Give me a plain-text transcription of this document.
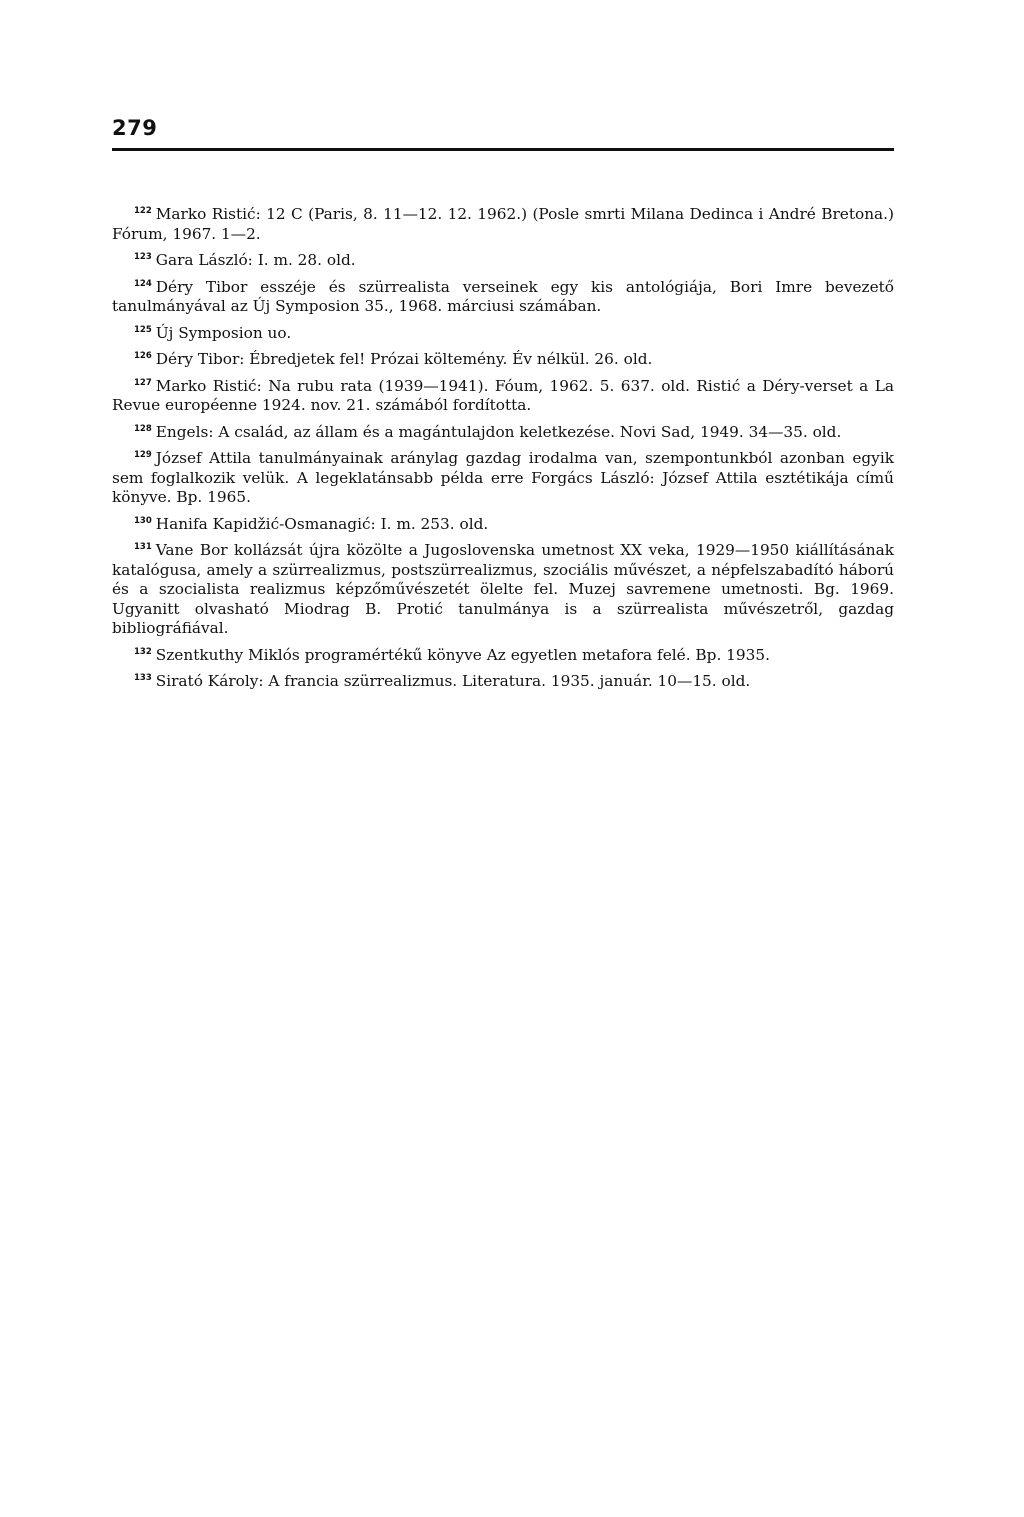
279

$^{122}$ Marko Ristić: 12 C (Paris, 8. 11—12. 12. 1962.) (Posle smrti Milana Dedinca i André Bretona.) Fórum, 1967. 1—2.

$^{123}$ Gara László: I. m. 28. old.

$^{124}$ Déry Tibor esszéje és szürrealista verseinek egy kis antológiája, Bori Imre bevezető tanulmányával az Új Symposion 35., 1968. márciusi számában.

$^{125}$ Új Symposion uo.

$^{126}$ Déry Tibor: Ébredjetek fel! Prózai költemény. Év nélkül. 26. old.

$^{127}$ Marko Ristić: Na rubu rata (1939—1941). Fóum, 1962. 5. 637. old. Ristić a Déry-verset a La Revue européenne 1924. nov. 21. számából fordította.

$^{128}$ Engels: A család, az állam és a magántulajdon keletkezése. Novi Sad, 1949. 34—35. old.

$^{129}$ József Attila tanulmányainak aránylag gazdag irodalma van, szempontunkból azonban egyik sem foglalkozik velük. A legeklatánsabb példa erre Forgács László: József Attila esztétikája című könyve. Bp. 1965.

$^{130}$ Hanifa Kapidžić-Osmanagić: I. m. 253. old.

$^{131}$ Vane Bor kollázsát újra közölte a Jugoslovenska umetnost XX veka, 1929—1950 kiállításának katalógusa, amely a szürrealizmus, postszürrealizmus, szociális művészet, a népfelszabadító háború és a szocialista realizmus képzőművészetét ölelte fel. Muzej savremene umetnosti. Bg. 1969. Ugyanitt olvasható Miodrag B. Protić tanulmánya is a szürrealista művészetről, gazdag bibliográfiával.

$^{132}$ Szentkuthy Miklós programértékű könyve Az egyetlen metafora felé. Bp. 1935.

$^{133}$ Sirató Károly: A francia szürrealizmus. Literatura. 1935. január. 10—15. old.
